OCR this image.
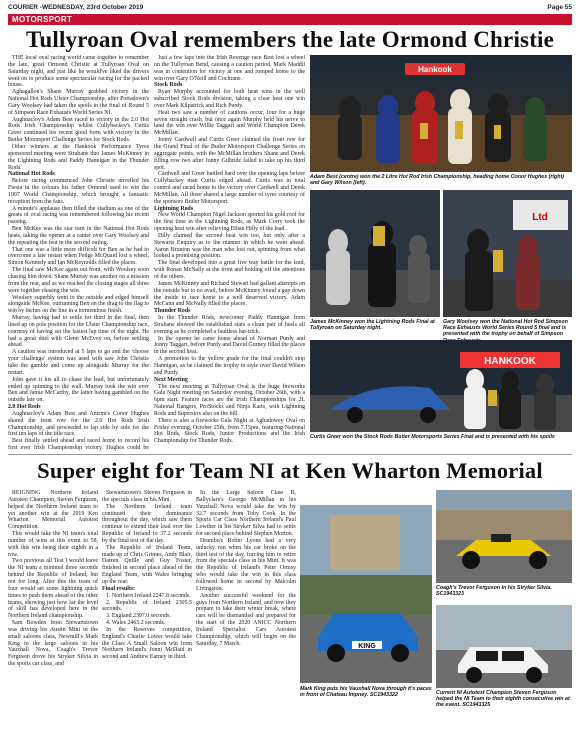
COURIER -WEDNESDAY, 23rd October 2019	Page 55
MOTORSPORT
Tullyroan Oval remembers the late Ormond Christie

THE local oval racing world came together to remember the late, great Ormond Christie at Tullyroan Oval on Saturday night, and just like he would've liked the drivers went on to produce some spectacular racing for the packed house.

Aghagallon's Shane Murray grabbed victory in the National Hot Rods Ulster Championship, after Portadown's Gary Woolsey had taken the spoils in the final of Round 5 of Simpson Race Exhausts World Series NI.

Aughnacloy's Adam Best raced to victory in the 2.0 Hot Rods Irish Championship whilst Cullybackey's Curtis Greer continued his recent good form with victory in the Butler Motorsport Challenge Series for Stock Rods.

Other winners at the Hankook Performance Tyres sponsored meeting were Strabane duo James McKinney in the Lightning Rods and Paddy Hannigan in the Thunder Rods.

National Hot Rods

Before racing commenced John Christie unveiled his Fiesta in the colours his father Ormond used to win the 1997 World Championship, which brought a fantastic reception from the fans.

A minute's applause then filled the stadium as one of the greats of oval racing was remembered following his recent passing.

Ben McKee was the star turn in the National Hot Rods heats, taking the opener at a canter over Gary Woolsey and the repeating the feat in the second outing.

That one was a little more difficult for Ben as he had to overcome a late restart when Pedge McQuaid lost a wheel, Simon Kennedy and Ian McReynolds filled the places.

The final saw McKee again out front, with Woolsey soon chasing him down. Shane Murray was another on a mission from the rear, and as we reached the closing stages all three were together chasing the win.

Woolsey superbly went to the outside and edged himself alongside McKee, outrunning Ben on the drag to the flag to win by inches on the line in a tremendous finish.

Murray, having had to settle for third in the final, then lined up on pole position for the Ulster Championship race, courtesy of having set the fastest lap time of the night. He had a great duel with Glenn McEvoy on, before settling ahead.

A caution was introduced at 5 laps to go and the 'choose your challenge' system was used with saw John Christie take the gamble and come up alongside Murray for the restart.

John gave it his all to chase the lead, but unfortunately ended up spinning to the wall. Murray took the win over Ben and Jamie McCarthy, the latter having gambled on the outside late on.

2.0 Hot Rods

Aughnacloy's Adam Best and Antrim's Conor Hughes shared the front row for the 2.0 Hot Rods Irish Championship, and proceeded to lap side by side for the first ten laps of the title race.

Best finally settled ahead and raced home to record his first ever Irish Championship victory. Hughes could be

Just a few laps into the Irish Revenge race Best lost a wheel on the Tullyroan Bend, causing a caution period. Mark Maddil was in contention for victory at one and romped home to the win over Gary O'Neill and Cochrane.

Stock Rods

Ryan Murphy accounted for both heat wins in the well subscribed Stock Rods division, taking a clear heat one win over Mark Kilpatrick and Rich Purdy.

Heat two saw a number of cautions occur, four for a huge seven straight crash, but once again Murphy held his nerve to land the win over Willie Taggart and World Champion Derek McMillan.

Jonny Cardwell and Curtis Greer claimed the front row for the Grand Final of the Butler Motorsport Challenge Series on aggregate points, with the McMillan brothers Shane and Derek filling row two after Jonny Gilbride failed to take up his third spot.

Cardwell and Greer battled hard over the opening laps before Cullybackey man Curtis edged ahead. Curtis was in total control and raced home to the victory over Cardwell and Derek McMillan. All three shared a large number of tyres courtesy of the sponsors Butler Motorsport.

Lightning Rods

New World Champion Nigel Jackson sported his gold roof for the first time in the Lightning Rods, as Mark Corry took the opening heat win after relieving Ethan Hilly of the lead.

Dilly claimed the second heat win too, but only after a Stewarts Enquiry as to the manner in which he went ahead. Aaron Brunton was the man who lost out, spinning from what looked a promising position.

The final developed into a great five way battle for the lead, with Ronan McNally at the front and holding off the attentions of the others.

James McKinney and Richard Stewart had gallant attempts on the outside but to no avail, before McKinney found a gap down the inside to race home to a well deserved victory. Adam McCann and McNally filled the places.

Thunder Rods

In the Thunder Rods, newcomer Paddy Hannigan from Strabane showed the established stars a clean pair of heels all evening as he completed a faultless hat-trick.

In the opener he came home ahead of Norman Purdy and Jonny Taggart, before Purdy and David Gurney filled the places in the second heat.

A promotion to the yellow grade for the final couldn't stop Hannigan, as he claimed the trophy in style over David Wilson and Purdy.

Next Meeting

The next meeting at Tullyroan Oval is the huge fireworks Gala Night meeting on Saturday evening, October 26th, with a 6pm start. Feature races are the Irish Championships for 2L National Bangers, ProStocks and Ninja Karts, with Lightning Rods and Superstox also on the bill.

There is also a fireworks Gala Night at Aghadowey Oval on Friday evening, October 25th, from 7.15pm, featuring National Hot Rods, Stock Rods, Junior Productions and the Irish Championship for Thunder Rods.

Hankook
Adam Best (centre) won the 2 Litre Hot Rod Irish Championship, heading home Conor Hughes (right) and Gary Wilson (left).
James McKinney won the Lightning Rods Final at Tullyroan on Saturday night.
Ltd
Gary Woolsey won the National Hot Rod Simpson Race Exhausts World Series Round 5 final and is presented with the trophy on behalf of Simpson
HANKOOK
Curtis Greer won the Stock Rods Butler Motorsports Series Final and is presented with his spoils
Super eight for Team NI at Ken Wharton Memorial

REIGNING Northern Ireland Autotest Champion, Steven Ferguson, helped the Northern Ireland team to yet another win at the 2019 Ken Wharton Memorial Autotest Competition.

This would take the NI team's total number of wins at this event to 58, with this win being their eighth in a row.

Two previous all Test I would leave the NI team a minimal three seconds behind the Republic of Ireland, but not for long. After this the team of four would set some lightning quick times to push them ahead of the other teams, showing just how far the level of skill has developed here in the Northern Ireland championship.

Sam Bowden from Stewartstown was driving his Austin Mini in the small saloons class, Newmill's Mark King in the large saloons in his Vauxhall Nova, Coagh's Trevor Ferguson drove his Stryker Silvia in the sports car class, and

Stewartstown's Steven Ferguson in the specials class in his Mini.

The Northern Ireland team continued their dominance throughout the day, which saw them continue to extend their lead over the Republic of Ireland to 37.2 seconds by the final test of the day.

The Republic of Ireland Team, made up of Chris Grimes, Andy Blair, Darren Quille and Guy Foster, finished in second place ahead of the England Team, with Wales bringing up the rear.

Final results:

1. Northern Ireland 2247.8 seconds.

2. Republic of Ireland 2305.5 seconds.

3. England 2397.0 seconds.

4. Wales 2465.2 seconds.

In the Reserves competition, England's Charlie Lower would take the Class A Small Saloon win from Northern Ireland's Jonni McDaid in second and Andrew Earney in third.

In the Large Saloon Class B, Ballyclare's George McMillan in his Vauxhall Nova would take the win by 32.7 seconds from Toby Cook. In the Sports Car Class Northern Ireland's Paul Lowther in his Stryker Silva had to settle for second place behind Stephen Morton.

Drumbo's Robin Lyons had a very unlucky run when his car broke on the third test of the day, forcing him to retire from the specials class in his Mini. It was the Republic of Ireland's Peter Ormsy who would take the win in this class followed home in second by Malcolm Livingston.

Another successful weekend for the guys from Northern Ireland, and now they prepare to take their winter break, where cars will be dismantled and prepared for the start of the 2020 ANICC Northern Ireland Specialist Cars Autotest Championship, which will begin on the Saturday, 7 March.

Coagh's Trevor Ferguson in his Stryker Silvia. SC1943323
KING
Mark King puts his Vauxhall Nova through it's paces in front of Chateau Impney. SC1943322	Current NI Autotest Champion Steven Ferguson helped the NI Team to their eighth consecutive win at the event. SC1943325
